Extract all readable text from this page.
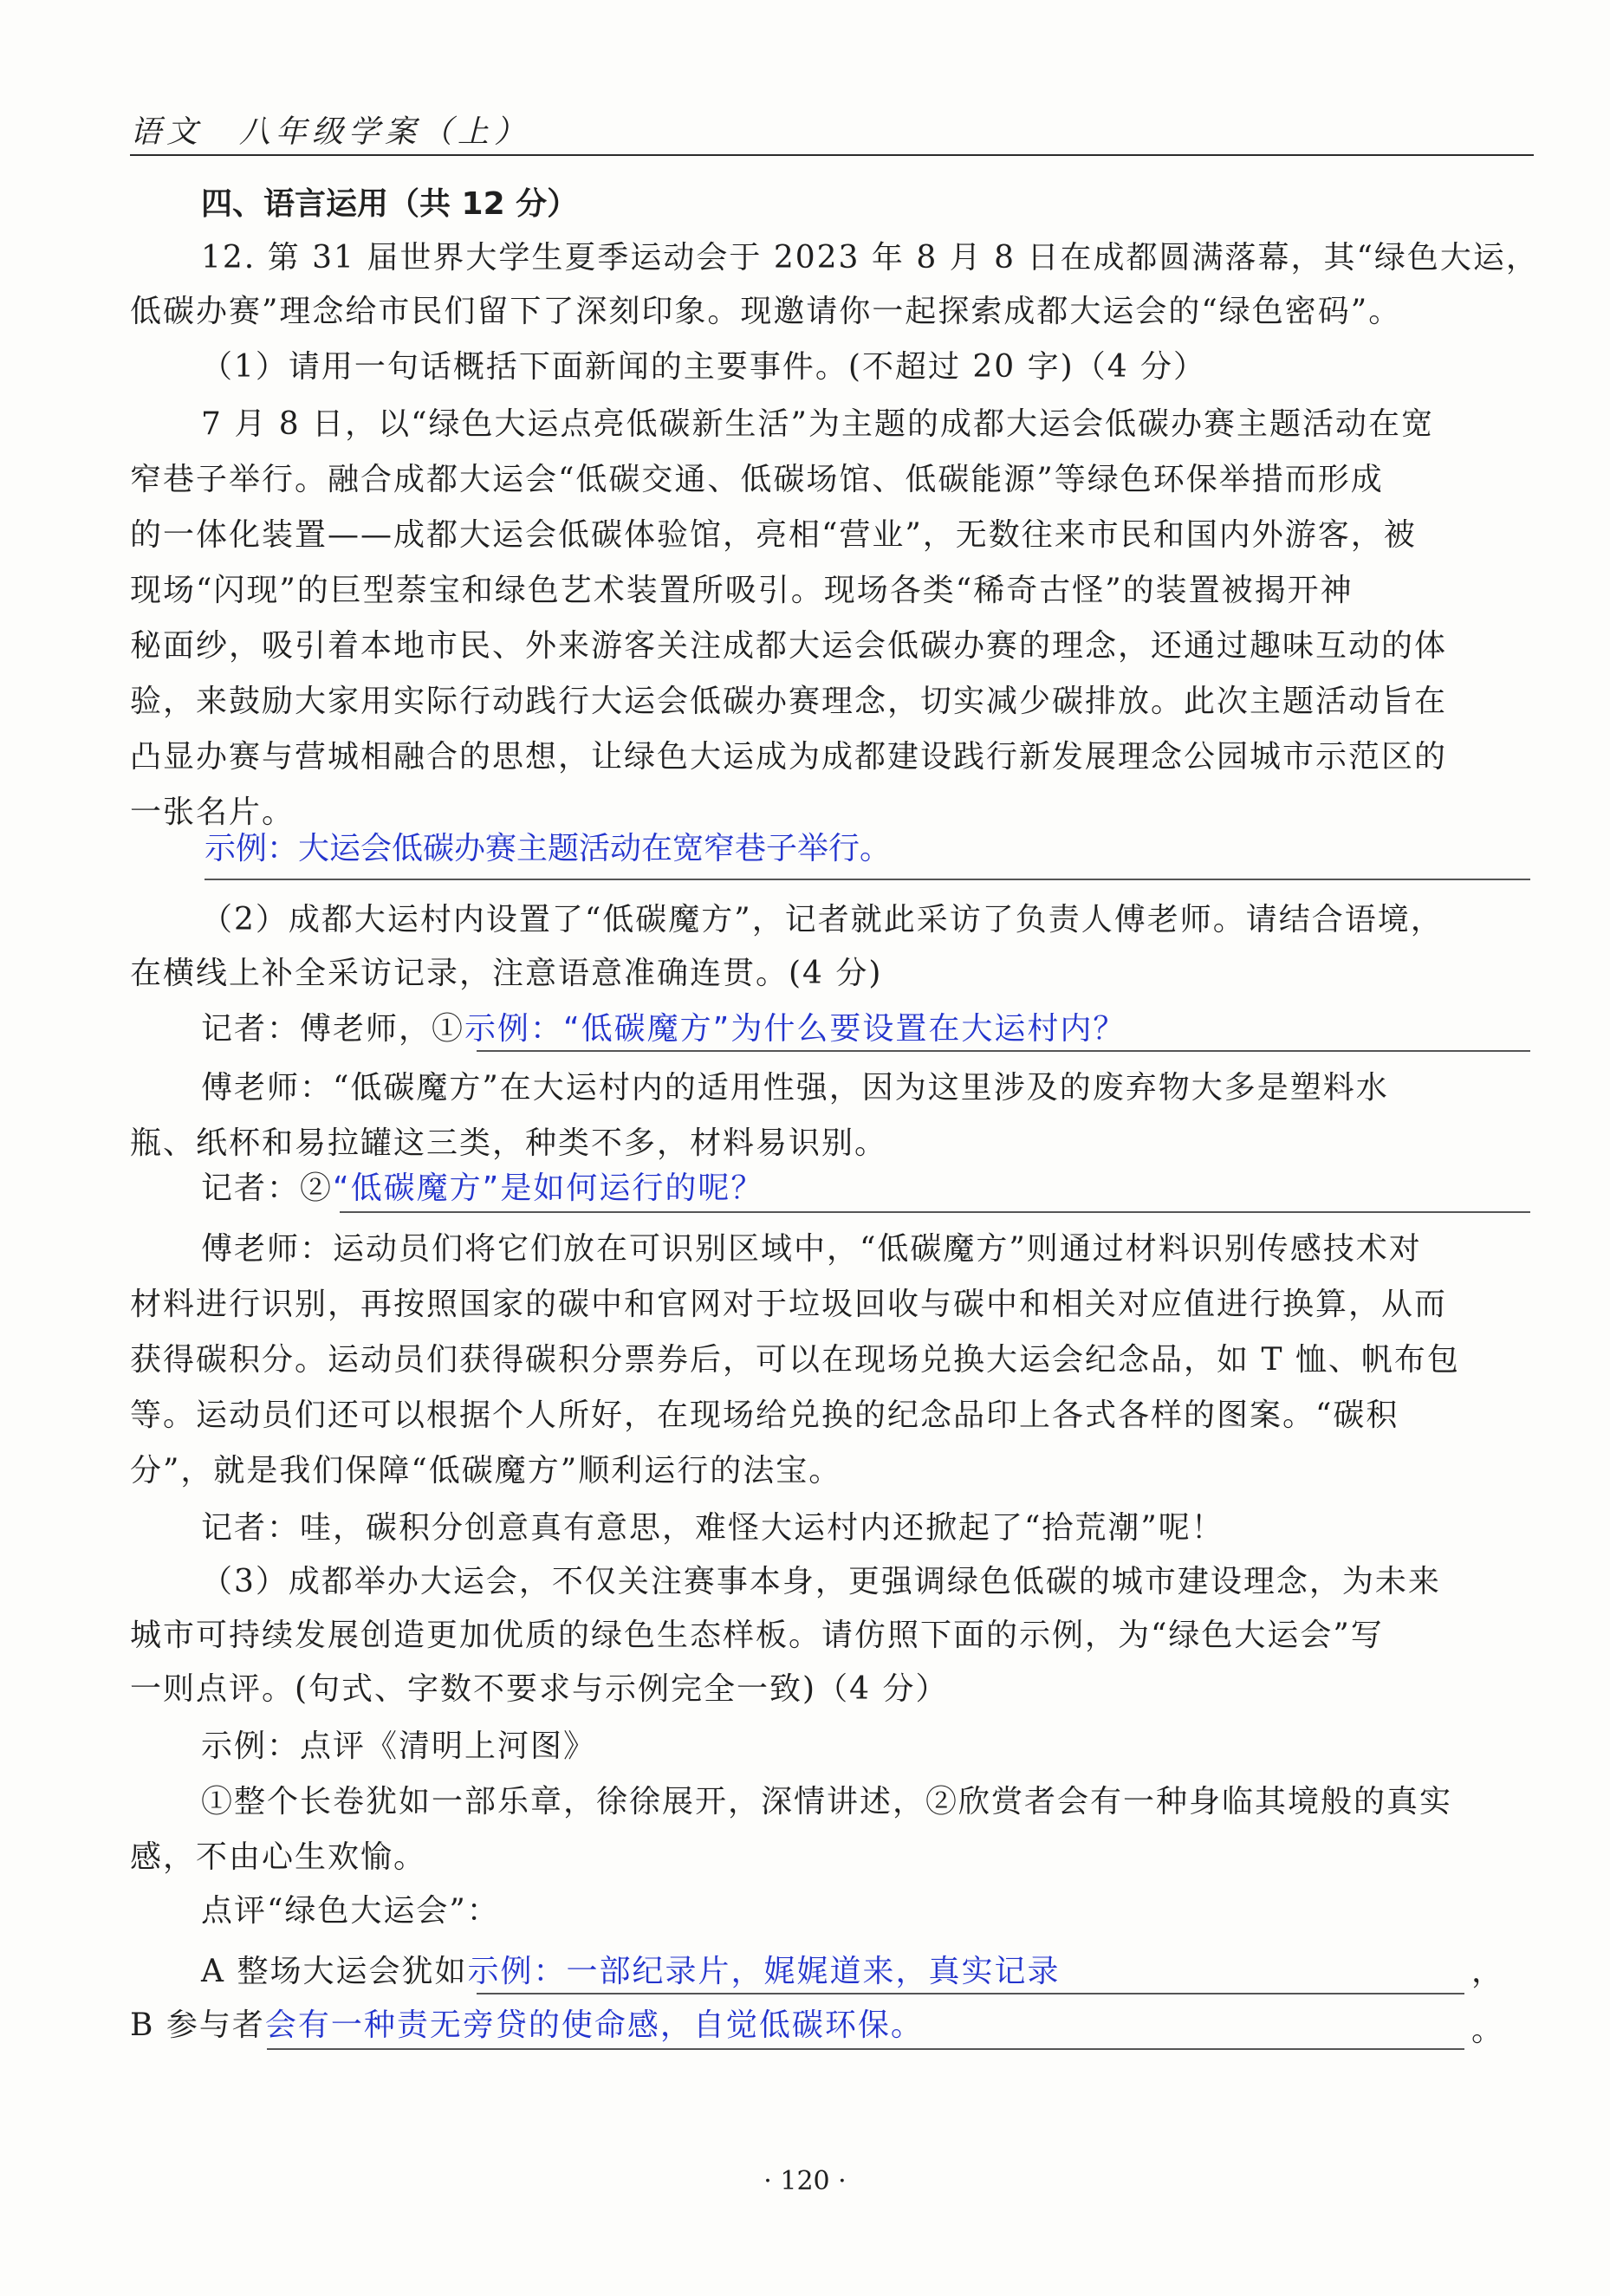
语文　八年级学案（上）
四、语言运用（共 12 分）
12. 第 31 届世界大学生夏季运动会于 2023 年 8 月 8 日在成都圆满落幕，其“绿色大运，
低碳办赛”理念给市民们留下了深刻印象。现邀请你一起探索成都大运会的“绿色密码”。
（1）请用一句话概括下面新闻的主要事件。(不超过 20 字)（4 分）
7 月 8 日，以“绿色大运点亮低碳新生活”为主题的成都大运会低碳办赛主题活动在宽
窄巷子举行。融合成都大运会“低碳交通、低碳场馆、低碳能源”等绿色环保举措而形成
的一体化装置——成都大运会低碳体验馆，亮相“营业”，无数往来市民和国内外游客，被
现场“闪现”的巨型萘宝和绿色艺术装置所吸引。现场各类“稀奇古怪”的装置被揭开神
秘面纱，吸引着本地市民、外来游客关注成都大运会低碳办赛的理念，还通过趣味互动的体
验，来鼓励大家用实际行动践行大运会低碳办赛理念，切实减少碳排放。此次主题活动旨在
凸显办赛与营城相融合的思想，让绿色大运成为成都建设践行新发展理念公园城市示范区的
一张名片。
示例：大运会低碳办赛主题活动在宽窄巷子举行。
（2）成都大运村内设置了“低碳魔方”，记者就此采访了负责人傅老师。请结合语境，
在横线上补全采访记录，注意语意准确连贯。(4 分)
记者：傅老师，①示例：“低碳魔方”为什么要设置在大运村内？
傅老师：“低碳魔方”在大运村内的适用性强，因为这里涉及的废弃物大多是塑料水
瓶、纸杯和易拉罐这三类，种类不多，材料易识别。
记者：②“低碳魔方”是如何运行的呢？
傅老师：运动员们将它们放在可识别区域中，“低碳魔方”则通过材料识别传感技术对
材料进行识别，再按照国家的碳中和官网对于垃圾回收与碳中和相关对应值进行换算，从而
获得碳积分。运动员们获得碳积分票券后，可以在现场兑换大运会纪念品，如 T 恤、帆布包
等。运动员们还可以根据个人所好，在现场给兑换的纪念品印上各式各样的图案。“碳积
分”，就是我们保障“低碳魔方”顺利运行的法宝。
记者：哇，碳积分创意真有意思，难怪大运村内还掀起了“拾荒潮”呢！
（3）成都举办大运会，不仅关注赛事本身，更强调绿色低碳的城市建设理念，为未来
城市可持续发展创造更加优质的绿色生态样板。请仿照下面的示例，为“绿色大运会”写
一则点评。(句式、字数不要求与示例完全一致)（4 分）
示例：点评《清明上河图》
①整个长卷犹如一部乐章，徐徐展开，深情讲述，②欣赏者会有一种身临其境般的真实
感，不由心生欢愉。
点评“绿色大运会”：
A 整场大运会犹如示例：一部纪录片，娓娓道来，真实记录	，
B 参与者会有一种责无旁贷的使命感，自觉低碳环保。	。
· 120 ·
